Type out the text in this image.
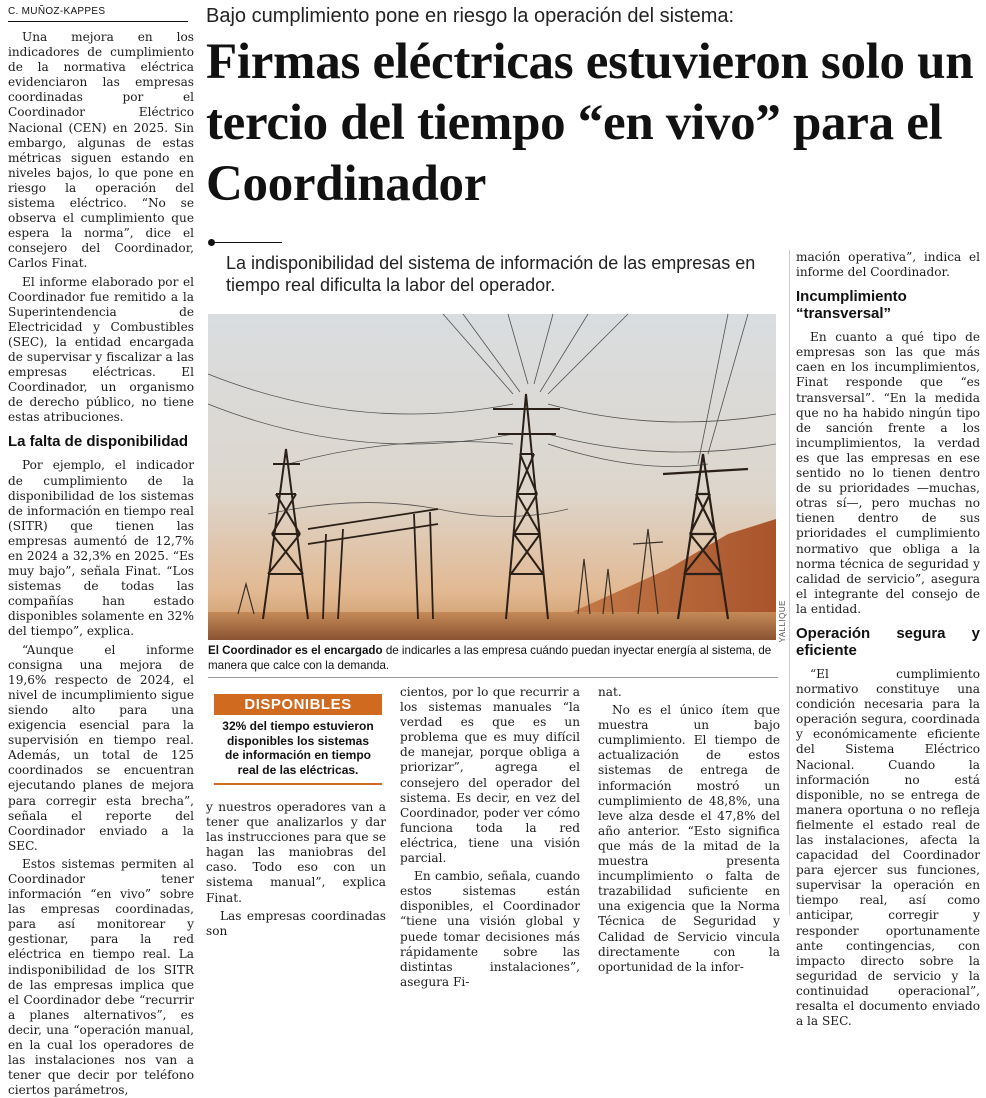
C. MUÑOZ-KAPPES	Bajo cumplimiento pone en riesgo la operación del sistema:
Firmas eléctricas estuvieron solo un tercio del tiempo “en vivo” para el Coordinador
La indisponibilidad del sistema de información de las empresas en tiempo real dificulta la labor del operador.

Una mejora en los indicadores de cumplimiento de la normativa eléctrica evidenciaron las empresas coordinadas por el Coordinador Eléctrico Nacional (CEN) en 2025. Sin embargo, algunas de estas métricas siguen estando en niveles bajos, lo que pone en riesgo la operación del sistema eléctrico. “No se observa el cumplimiento que espera la norma”, dice el consejero del Coordinador, Carlos Finat.

El informe elaborado por el Coordinador fue remitido a la Superintendencia de Electricidad y Combustibles (SEC), la entidad encargada de supervisar y fiscalizar a las empresas eléctricas. El Coordinador, un organismo de derecho público, no tiene estas atribuciones.

La falta de disponibilidad

Por ejemplo, el indicador de cumplimiento de la disponibilidad de los sistemas de información en tiempo real (SITR) que tienen las empresas aumentó de 12,7% en 2024 a 32,3% en 2025. “Es muy bajo”, señala Finat. “Los sistemas de todas las compañías han estado disponibles solamente en 32% del tiempo”, explica.

“Aunque el informe consigna una mejora de 19,6% respecto de 2024, el nivel de incumplimiento sigue siendo alto para una exigencia esencial para la supervisión en tiempo real. Además, un total de 125 coordinados se encuentran ejecutando planes de mejora para corregir esta brecha”, señala el reporte del Coordinador enviado a la SEC.

Estos sistemas permiten al Coordinador tener información “en vivo” sobre las empresas coordinadas, para así monitorear y gestionar, para la red eléctrica en tiempo real. La indisponibilidad de los SITR de las empresas implica que el Coordinador debe “recurrir a planes alternativos”, es decir, una “operación manual, en la cual los operadores de las instalaciones nos van a tener que decir por teléfono ciertos parámetros,

YALLIQUE
El Coordinador es el encargado de indicarles a las empresa cuándo puedan inyectar energía al sistema, de manera que calce con la demanda.
DISPONIBLES
32% del tiempo estuvieron disponibles los sistemas de información en tiempo real de las eléctricas.

y nuestros operadores van a tener que analizarlos y dar las instrucciones para que se hagan las maniobras del caso. Todo eso con un sistema manual”, explica Finat.

Las empresas coordinadas son

cientos, por lo que recurrir a los sistemas manuales “la verdad es que es un problema que es muy difícil de manejar, porque obliga a priorizar”, agrega el consejero del operador del sistema. Es decir, en vez del Coordinador, poder ver cómo funciona toda la red eléctrica, tiene una visión parcial.

En cambio, señala, cuando estos sistemas están disponibles, el Coordinador “tiene una visión global y puede tomar decisiones más rápidamente sobre las distintas instalaciones”, asegura Fi-

nat.

No es el único ítem que muestra un bajo cumplimiento. El tiempo de actualización de estos sistemas de entrega de información mostró un cumplimiento de 48,8%, una leve alza desde el 47,8% del año anterior. “Esto significa que más de la mitad de la muestra presenta incumplimiento o falta de trazabilidad suficiente en una exigencia que la Norma Técnica de Seguridad y Calidad de Servicio vincula directamente con la oportunidad de la infor-

mación operativa”, indica el informe del Coordinador.

Incumplimiento “transversal”

En cuanto a qué tipo de empresas son las que más caen en los incumplimientos, Finat responde que “es transversal”. “En la medida que no ha habido ningún tipo de sanción frente a los incumplimientos, la verdad es que las empresas en ese sentido no lo tienen dentro de su prioridades —muchas, otras sí—, pero muchas no tienen dentro de sus prioridades el cumplimiento normativo que obliga a la norma técnica de seguridad y calidad de servicio”, asegura el integrante del consejo de la entidad.

Operación segura y eficiente

“El cumplimiento normativo constituye una condición necesaria para la operación segura, coordinada y económicamente eficiente del Sistema Eléctrico Nacional. Cuando la información no está disponible, no se entrega de manera oportuna o no refleja fielmente el estado real de las instalaciones, afecta la capacidad del Coordinador para ejercer sus funciones, supervisar la operación en tiempo real, así como anticipar, corregir y responder oportunamente ante contingencias, con impacto directo sobre la seguridad de servicio y la continuidad operacional”, resalta el documento enviado a la SEC.
